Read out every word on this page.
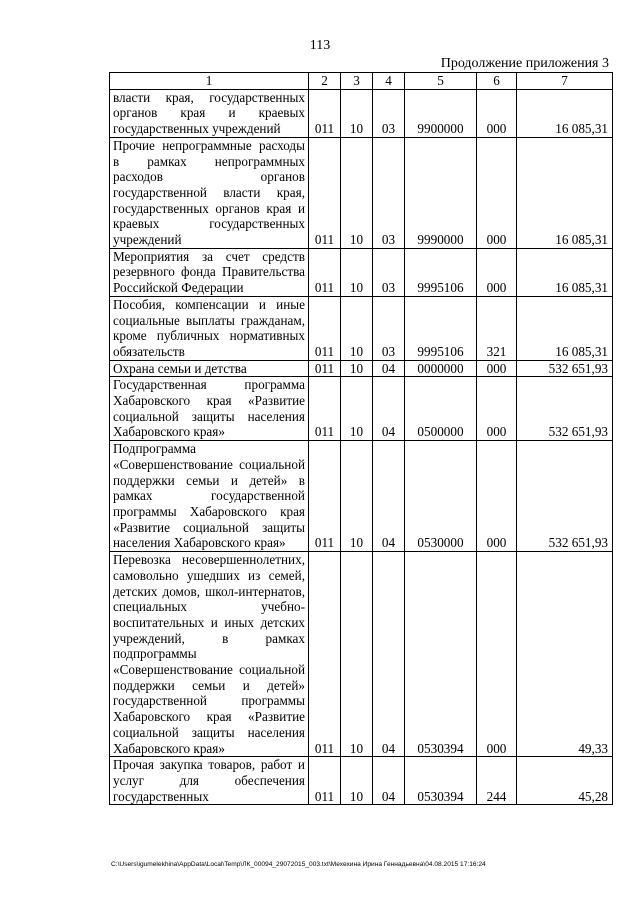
113
Продолжение приложения 3
1	2	3	4	5	6	7
власти края, государственных органов края и краевых государственных учреждений	011	10	03	9900000	000	16 085,31
Прочие непрограммные расходы в рамках непрограммных расходов органов государственной власти края, государственных органов края и краевых государственных учреждений	011	10	03	9990000	000	16 085,31
Мероприятия за счет средств резервного фонда Правительства Российской Федерации	011	10	03	9995106	000	16 085,31
Пособия, компенсации и иные социальные выплаты гражданам, кроме публичных нормативных обязательств	011	10	03	9995106	321	16 085,31
Охрана семьи и детства	011	10	04	0000000	000	532 651,93
Государственная программа Хабаровского края «Развитие социальной защиты населения Хабаровского края»	011	10	04	0500000	000	532 651,93
Подпрограмма «Совершенствование социальной поддержки семьи и детей» в рамках государственной программы Хабаровского края «Развитие социальной защиты населения Хабаровского края»	011	10	04	0530000	000	532 651,93
Перевозка несовершеннолетних, самовольно ушедших из семей, детских домов, школ-интернатов, специальных учебно-воспитательных и иных детских учреждений, в рамках подпрограммы «Совершенствование социальной поддержки семьи и детей» государственной программы Хабаровского края «Развитие социальной защиты населения Хабаровского края»	011	10	04	0530394	000	49,33
Прочая закупка товаров, работ и услуг для обеспечения государственных	011	10	04	0530394	244	45,28
C:\Users\igumelekhina\AppData\Local\Temp\ЛК_00094_29072015_003.txt\Мехехина Ирина Геннадьевна\04.08.2015 17:16:24
